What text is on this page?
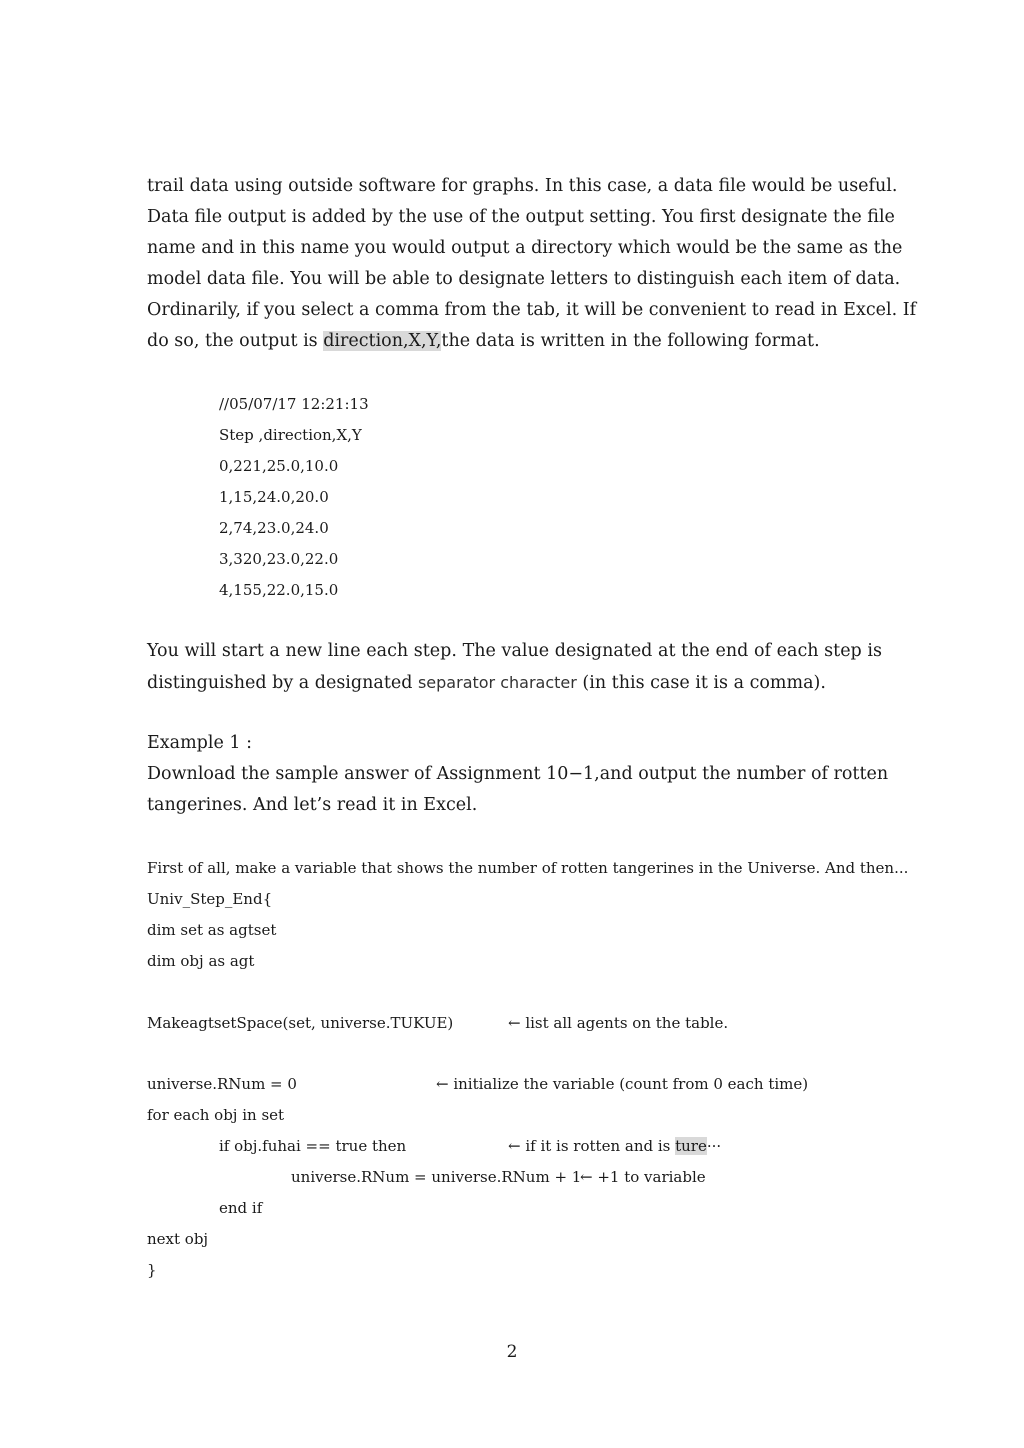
trail data using outside software for graphs. In this case, a data file would be useful.

Data file output is added by the use of the output setting. You first designate the file

name and in this name you would output a directory which would be the same as the

model data file. You will be able to designate letters to distinguish each item of data.

Ordinarily, if you select a comma from the tab, it will be convenient to read in Excel. If

do so, the output is direction,X,Y,the data is written in the following format.

//05/07/17 12:21:13

Step ,direction,X,Y

0,221,25.0,10.0

1,15,24.0,20.0

2,74,23.0,24.0

3,320,23.0,22.0

4,155,22.0,15.0

You will start a new line each step. The value designated at the end of each step is

distinguished by a designated separator character (in this case it is a comma).

Example 1 :

Download the sample answer of Assignment 10−1,and output the number of rotten

tangerines. And let’s read it in Excel.

First of all, make a variable that shows the number of rotten tangerines in the Universe. And then...

Univ_Step_End{

dim set as agtset

dim obj as agt

MakeagtsetSpace(set, universe.TUKUE)	← list all agents on the table.

universe.RNum = 0	← initialize the variable (count from 0 each time)

for each obj in set

if obj.fuhai == true then	← if it is rotten and is ture···

universe.RNum = universe.RNum + 1

← +1 to variable

end if

next obj

}

2
